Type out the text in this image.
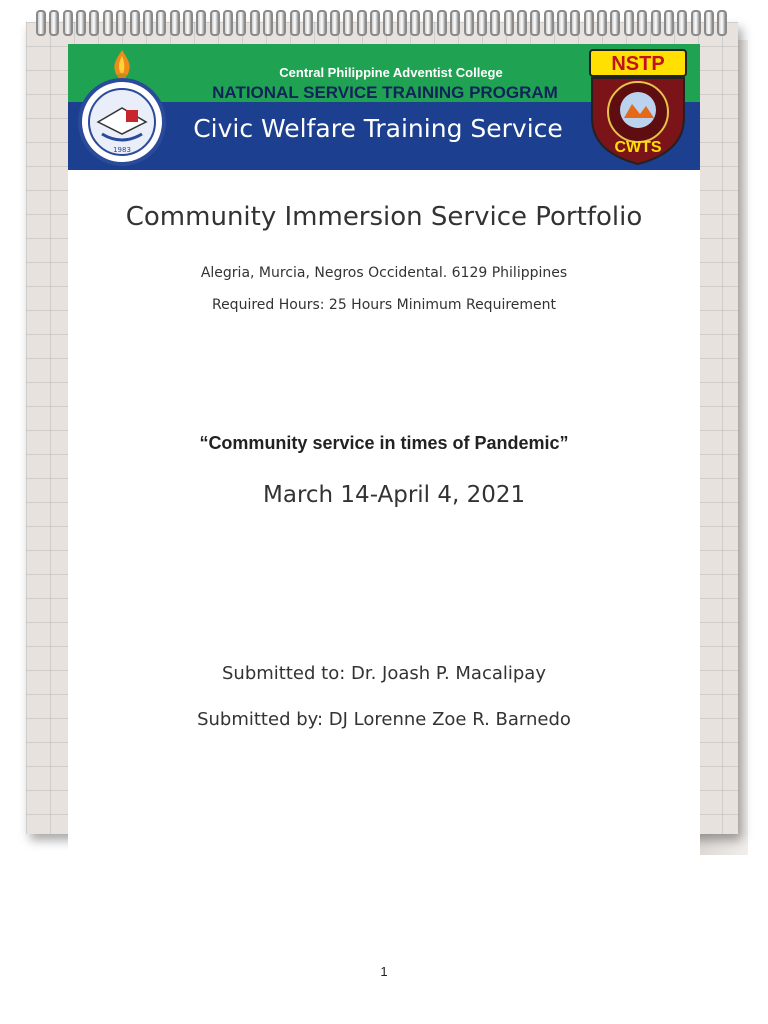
1983
NSTP
CWTS
Central Philippine Adventist College
NATIONAL SERVICE TRAINING PROGRAM
Civic Welfare Training Service
Community Immersion Service Portfolio
Alegria, Murcia, Negros Occidental. 6129 Philippines
Required Hours: 25 Hours Minimum Requirement
“Community service in times of Pandemic”
March 14-April 4, 2021
Submitted to: Dr. Joash P. Macalipay
Submitted by: DJ Lorenne Zoe R. Barnedo
1
